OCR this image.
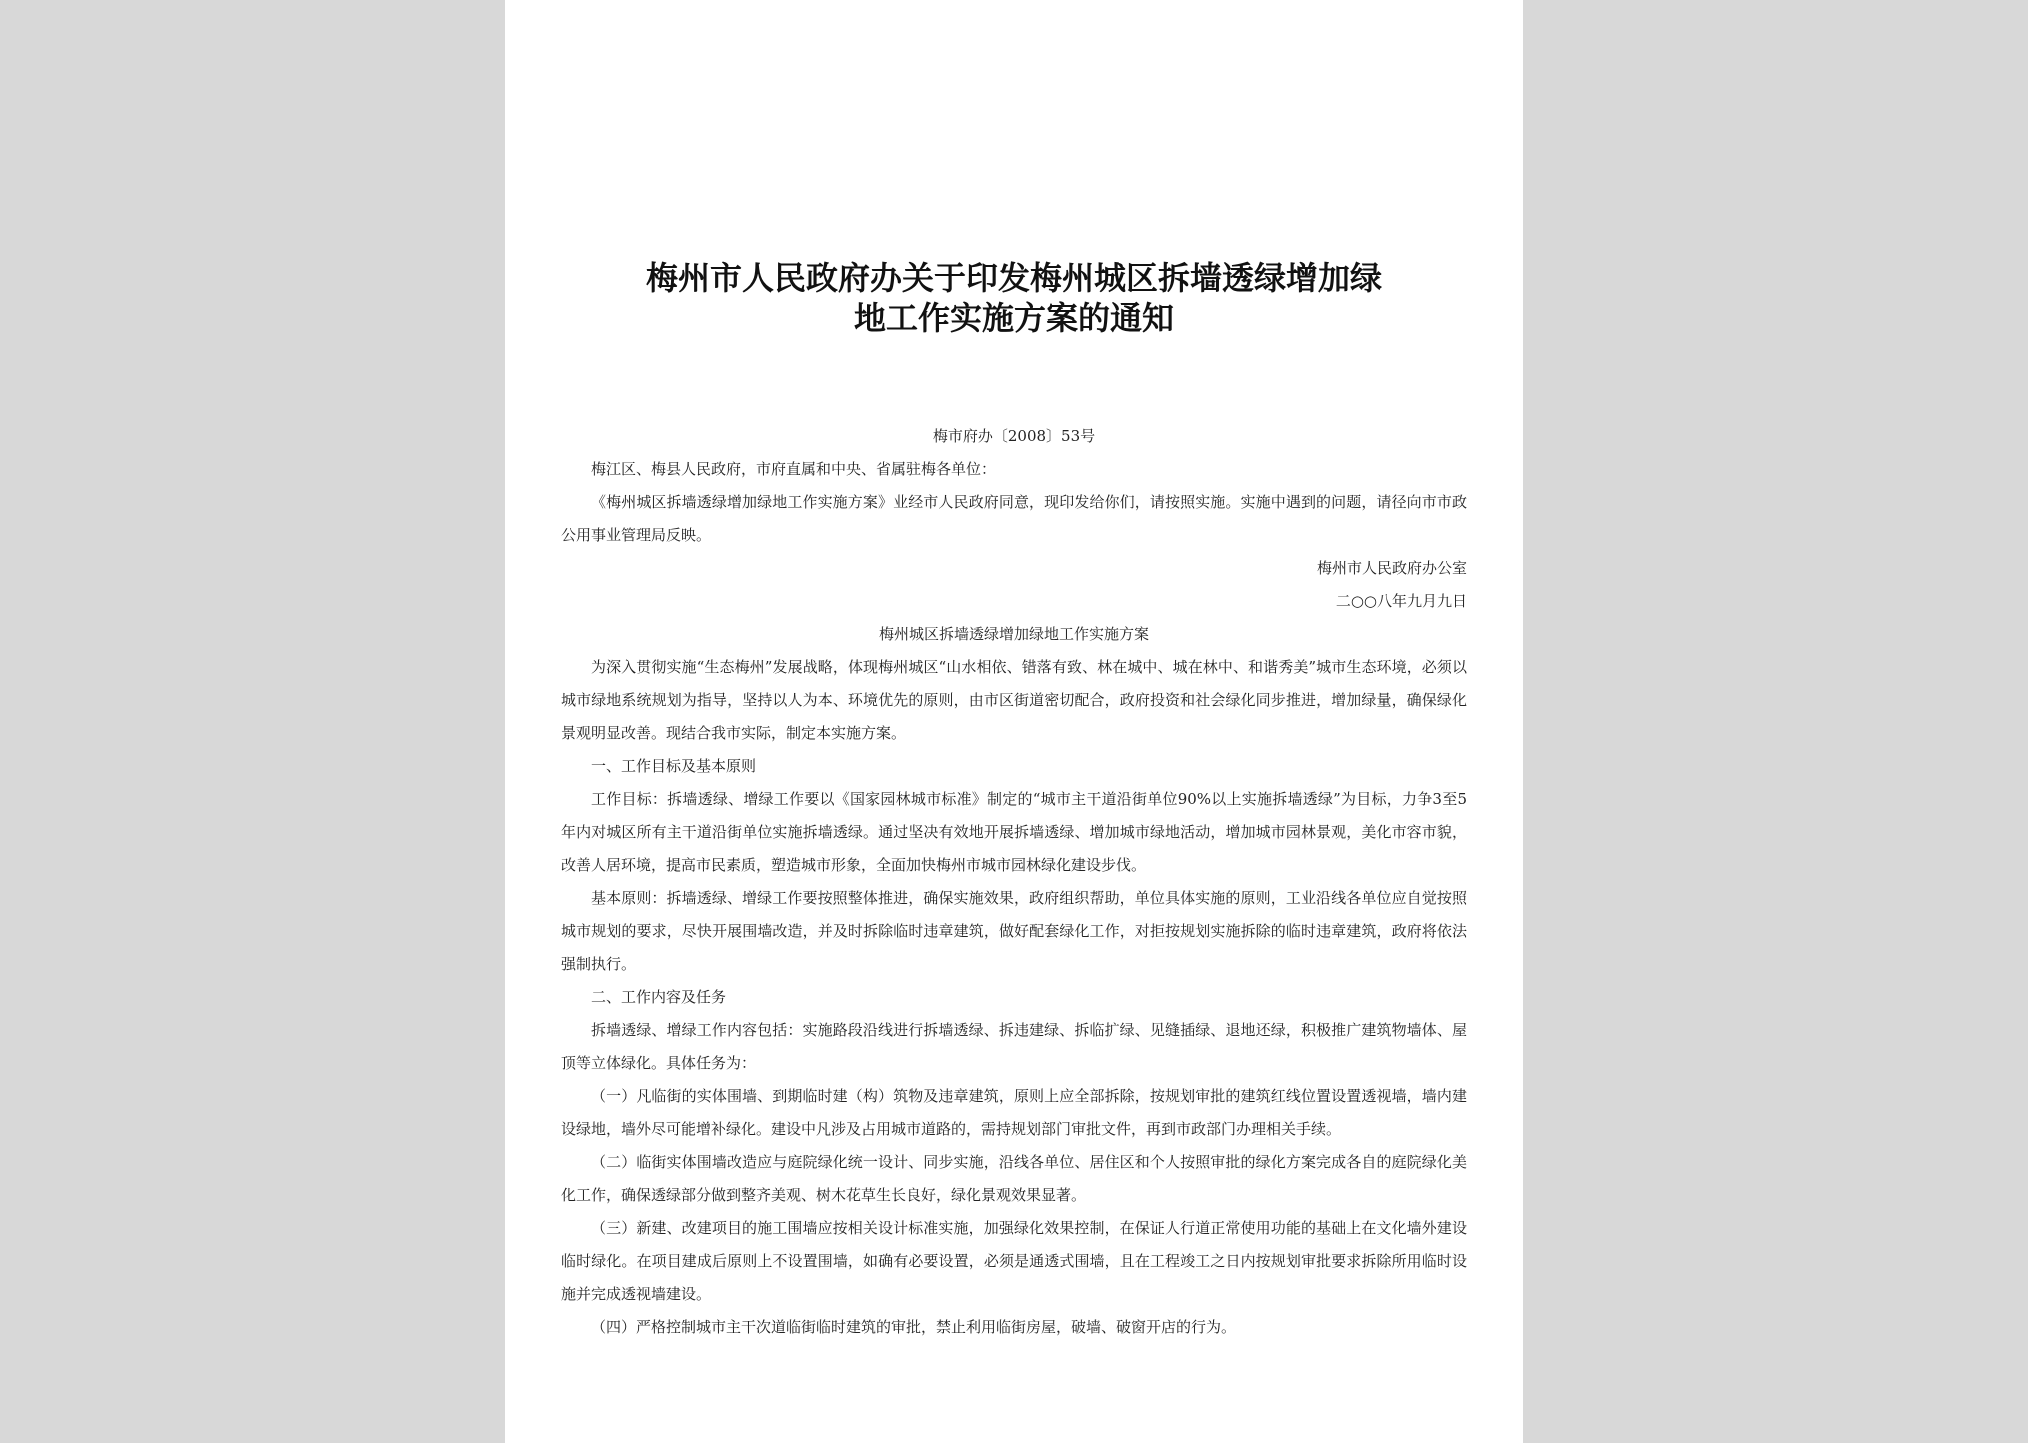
梅州市人民政府办关于印发梅州城区拆墙透绿增加绿
地工作实施方案的通知

梅市府办〔2008〕53号

梅江区、梅县人民政府，市府直属和中央、省属驻梅各单位：

《梅州城区拆墙透绿增加绿地工作实施方案》业经市人民政府同意，现印发给你们，请按照实施。实施中遇到的问题，请径向市市政公用事业管理局反映。

梅州市人民政府办公室

二○○八年九月九日

梅州城区拆墙透绿增加绿地工作实施方案

为深入贯彻实施“生态梅州”发展战略，体现梅州城区“山水相依、错落有致、林在城中、城在林中、和谐秀美”城市生态环境，必须以城市绿地系统规划为指导，坚持以人为本、环境优先的原则，由市区街道密切配合，政府投资和社会绿化同步推进，增加绿量，确保绿化景观明显改善。现结合我市实际，制定本实施方案。

一、工作目标及基本原则

工作目标：拆墙透绿、增绿工作要以《国家园林城市标准》制定的“城市主干道沿街单位90%以上实施拆墙透绿”为目标，力争3至5年内对城区所有主干道沿街单位实施拆墙透绿。通过坚决有效地开展拆墙透绿、增加城市绿地活动，增加城市园林景观，美化市容市貌，改善人居环境，提高市民素质，塑造城市形象，全面加快梅州市城市园林绿化建设步伐。

基本原则：拆墙透绿、增绿工作要按照整体推进，确保实施效果，政府组织帮助，单位具体实施的原则，工业沿线各单位应自觉按照城市规划的要求，尽快开展围墙改造，并及时拆除临时违章建筑，做好配套绿化工作，对拒按规划实施拆除的临时违章建筑，政府将依法强制执行。

二、工作内容及任务

拆墙透绿、增绿工作内容包括：实施路段沿线进行拆墙透绿、拆违建绿、拆临扩绿、见缝插绿、退地还绿，积极推广建筑物墙体、屋顶等立体绿化。具体任务为：

（一）凡临街的实体围墙、到期临时建（构）筑物及违章建筑，原则上应全部拆除，按规划审批的建筑红线位置设置透视墙，墙内建设绿地，墙外尽可能增补绿化。建设中凡涉及占用城市道路的，需持规划部门审批文件，再到市政部门办理相关手续。

（二）临街实体围墙改造应与庭院绿化统一设计、同步实施，沿线各单位、居住区和个人按照审批的绿化方案完成各自的庭院绿化美化工作，确保透绿部分做到整齐美观、树木花草生长良好，绿化景观效果显著。

（三）新建、改建项目的施工围墙应按相关设计标准实施，加强绿化效果控制，在保证人行道正常使用功能的基础上在文化墙外建设临时绿化。在项目建成后原则上不设置围墙，如确有必要设置，必须是通透式围墙，且在工程竣工之日内按规划审批要求拆除所用临时设施并完成透视墙建设。

（四）严格控制城市主干次道临街临时建筑的审批，禁止利用临街房屋，破墙、破窗开店的行为。
